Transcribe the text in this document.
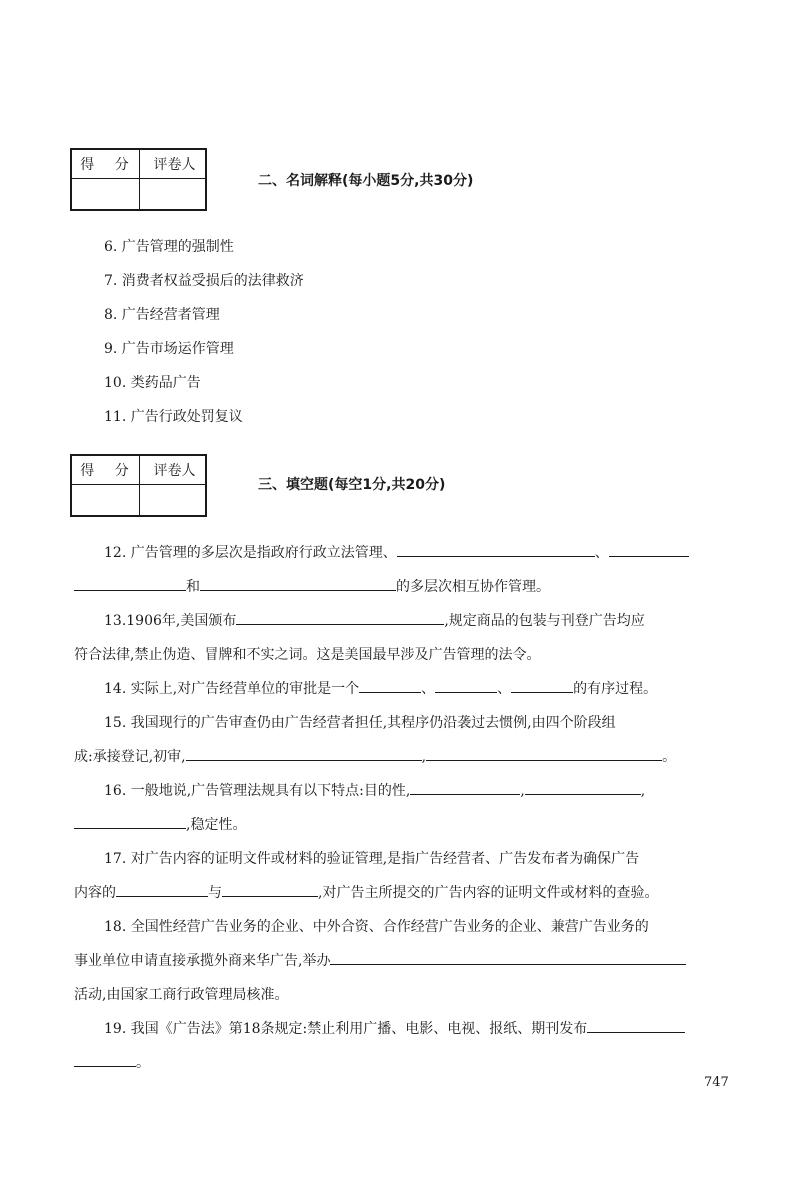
得 分	评卷人
二、名词解释(每小题5分,共30分)
6. 广告管理的强制性
7. 消费者权益受损后的法律救济
8. 广告经营者管理
9. 广告市场运作管理
10. 类药品广告
11. 广告行政处罚复议
得 分	评卷人
三、填空题(每空1分,共20分)
12. 广告管理的多层次是指政府行政立法管理、	、
和	的多层次相互协作管理。
13.1906年,美国颁布	,规定商品的包装与刊登广告均应
符合法律,禁止伪造、冒牌和不实之词。这是美国最早涉及广告管理的法令。
14. 实际上,对广告经营单位的审批是一个	、	、	的有序过程。
15. 我国现行的广告审查仍由广告经营者担任,其程序仍沿袭过去惯例,由四个阶段组
成:承接登记,初审,	,	。
16. 一般地说,广告管理法规具有以下特点:目的性,	,	,
,稳定性。
17. 对广告内容的证明文件或材料的验证管理,是指广告经营者、广告发布者为确保广告
内容的	与	,对广告主所提交的广告内容的证明文件或材料的查验。
18. 全国性经营广告业务的企业、中外合资、合作经营广告业务的企业、兼营广告业务的
事业单位申请直接承揽外商来华广告,举办
活动,由国家工商行政管理局核准。
19. 我国《广告法》第18条规定:禁止利用广播、电影、电视、报纸、期刊发布
。
747
